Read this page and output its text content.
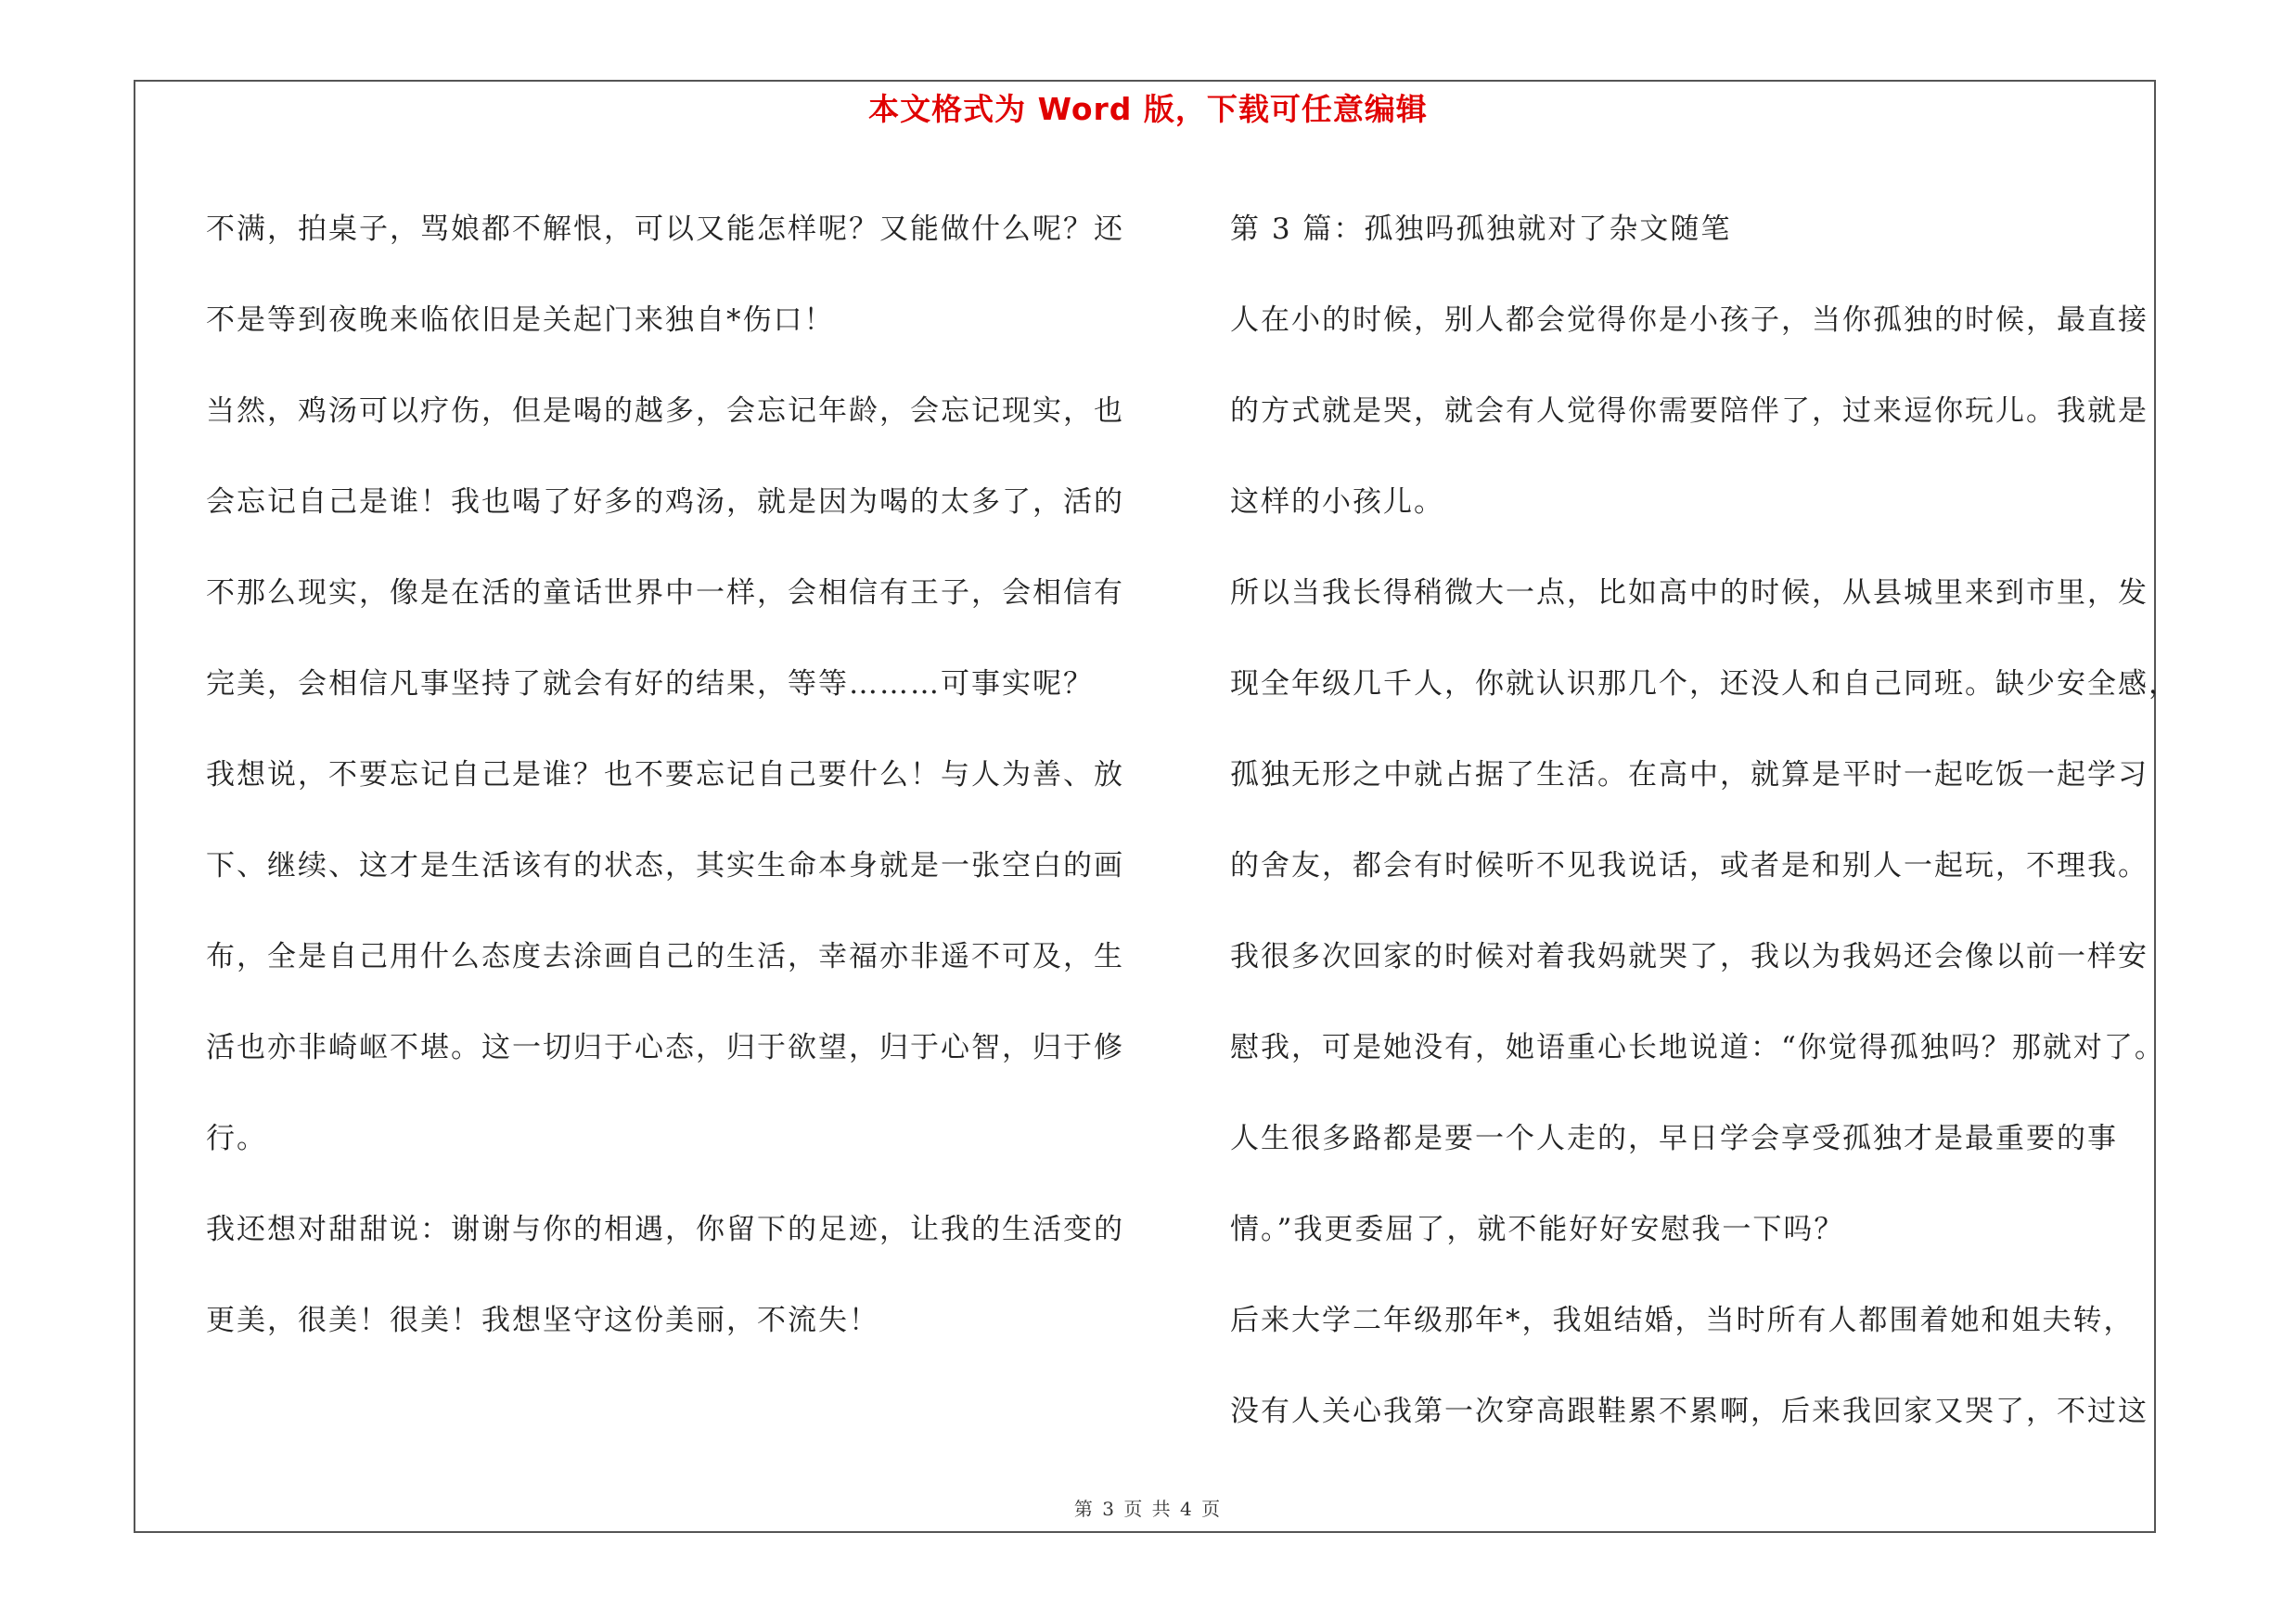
本文格式为 Word 版，下载可任意编辑
不满，拍桌子，骂娘都不解恨，可以又能怎样呢？又能做什么呢？还
不是等到夜晚来临依旧是关起门来独自*伤口！
当然，鸡汤可以疗伤，但是喝的越多，会忘记年龄，会忘记现实，也
会忘记自己是谁！我也喝了好多的鸡汤，就是因为喝的太多了，活的
不那么现实，像是在活的童话世界中一样，会相信有王子，会相信有
完美，会相信凡事坚持了就会有好的结果，等等………可事实呢？
我想说，不要忘记自己是谁？也不要忘记自己要什么！与人为善、放
下、继续、这才是生活该有的状态，其实生命本身就是一张空白的画
布，全是自己用什么态度去涂画自己的生活，幸福亦非遥不可及，生
活也亦非崎岖不堪。这一切归于心态，归于欲望，归于心智，归于修
行。
我还想对甜甜说：谢谢与你的相遇，你留下的足迹，让我的生活变的
更美，很美！很美！我想坚守这份美丽，不流失！
第 3 篇：孤独吗孤独就对了杂文随笔
人在小的时候，别人都会觉得你是小孩子，当你孤独的时候，最直接
的方式就是哭，就会有人觉得你需要陪伴了，过来逗你玩儿。我就是
这样的小孩儿。
所以当我长得稍微大一点，比如高中的时候，从县城里来到市里，发
现全年级几千人，你就认识那几个，还没人和自己同班。缺少安全感，
孤独无形之中就占据了生活。在高中，就算是平时一起吃饭一起学习
的舍友，都会有时候听不见我说话，或者是和别人一起玩，不理我。
我很多次回家的时候对着我妈就哭了，我以为我妈还会像以前一样安
慰我，可是她没有，她语重心长地说道：“你觉得孤独吗？那就对了。
人生很多路都是要一个人走的，早日学会享受孤独才是最重要的事
情。”我更委屈了，就不能好好安慰我一下吗？
后来大学二年级那年*，我姐结婚，当时所有人都围着她和姐夫转，
没有人关心我第一次穿高跟鞋累不累啊，后来我回家又哭了，不过这
第 3 页 共 4 页
